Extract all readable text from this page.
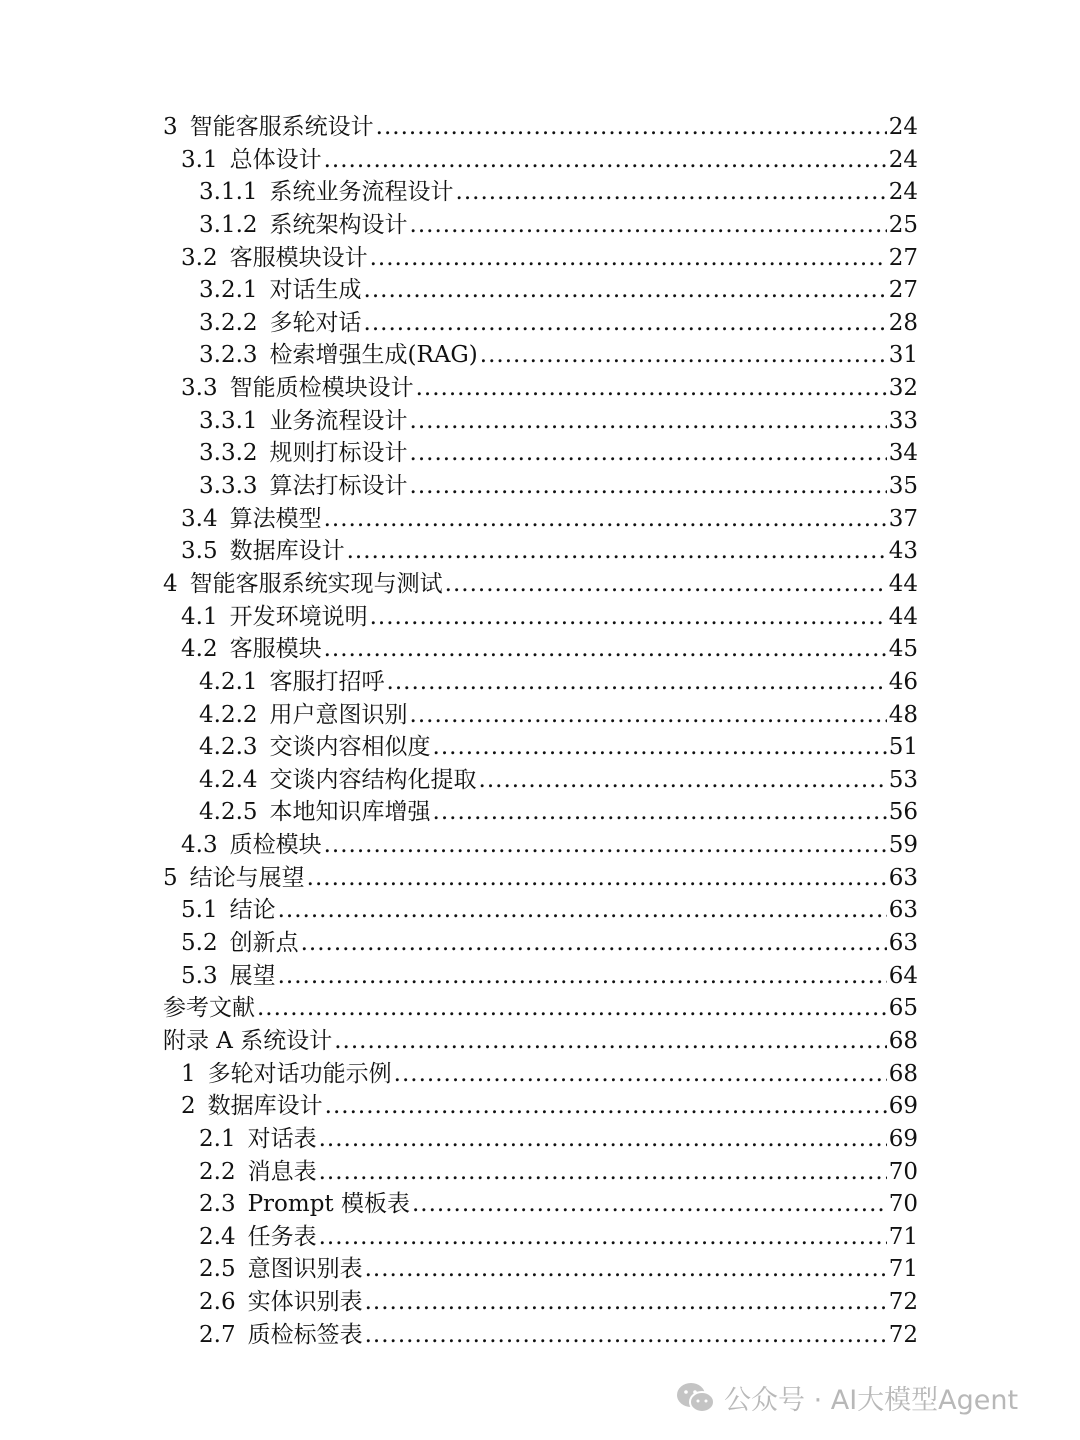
3 智能客服系统设计 .....	24
3.1 总体设计 .....	24
3.1.1 系统业务流程设计 .....	24
3.1.2 系统架构设计 .....	25
3.2 客服模块设计 .....	27
3.2.1 对话生成 .....	27
3.2.2 多轮对话 .....	28
3.2.3 检索增强生成(RAG) .....	31
3.3 智能质检模块设计 .....	32
3.3.1 业务流程设计 .....	33
3.3.2 规则打标设计 .....	34
3.3.3 算法打标设计 .....	35
3.4 算法模型 .....	37
3.5 数据库设计 .....	43
4 智能客服系统实现与测试 .....	44
4.1 开发环境说明 .....	44
4.2 客服模块 .....	45
4.2.1 客服打招呼 .....	46
4.2.2 用户意图识别 .....	48
4.2.3 交谈内容相似度 .....	51
4.2.4 交谈内容结构化提取 .....	53
4.2.5 本地知识库增强 .....	56
4.3 质检模块 .....	59
5 结论与展望 .....	63
5.1 结论 .....	63
5.2 创新点 .....	63
5.3 展望 .....	64
参考文献 .....	65
附录 A 系统设计 .....	68
1 多轮对话功能示例 .....	68
2 数据库设计 .....	69
2.1 对话表 .....	69
2.2 消息表 .....	70
2.3 Prompt 模板表 .....	70
2.4 任务表 .....	71
2.5 意图识别表 .....	71
2.6 实体识别表 .....	72
2.7 质检标签表 .....	72
公众号 · AI大模型Agent
